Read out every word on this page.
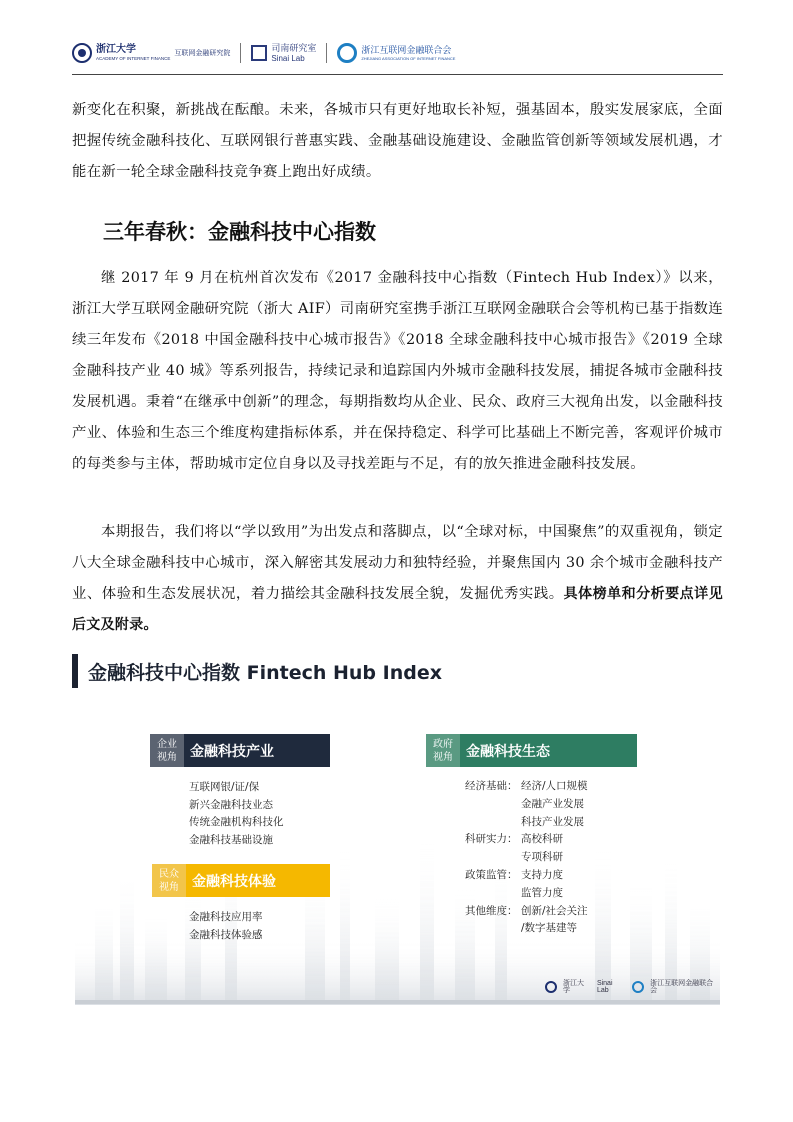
浙江大学
ACADEMY OF INTERNET FINANCE
互联网金融研究院
司南研究室
Sinai Lab
浙江互联网金融联合会
ZHEJIANG ASSOCIATION OF INTERNET FINANCE
新变化在积聚，新挑战在酝酿。未来，各城市只有更好地取长补短，强基固本，殷实发展家底，全面把握传统金融科技化、互联网银行普惠实践、金融基础设施建设、金融监管创新等领域发展机遇，才能在新一轮全球金融科技竞争赛上跑出好成绩。
三年春秋：金融科技中心指数
继 2017 年 9 月在杭州首次发布《2017 金融科技中心指数（Fintech Hub Index）》以来，浙江大学互联网金融研究院（浙大 AIF）司南研究室携手浙江互联网金融联合会等机构已基于指数连续三年发布《2018 中国金融科技中心城市报告》《2018 全球金融科技中心城市报告》《2019 全球金融科技产业 40 城》等系列报告，持续记录和追踪国内外城市金融科技发展，捕捉各城市金融科技发展机遇。秉着“在继承中创新”的理念，每期指数均从企业、民众、政府三大视角出发，以金融科技产业、体验和生态三个维度构建指标体系，并在保持稳定、科学可比基础上不断完善，客观评价城市的每类参与主体，帮助城市定位自身以及寻找差距与不足，有的放矢推进金融科技发展。
本期报告，我们将以“学以致用”为出发点和落脚点，以“全球对标，中国聚焦”的双重视角，锁定八大全球金融科技中心城市，深入解密其发展动力和独特经验，并聚焦国内 30 余个城市金融科技产业、体验和生态发展状况，着力描绘其金融科技发展全貌，发掘优秀实践。具体榜单和分析要点详见后文及附录。
金融科技中心指数 Fintech Hub Index
企业
视角 金融科技产业
互联网银/证/保
新兴金融科技业态
传统金融机构科技化
金融科技基础设施
民众
视角 金融科技体验
金融科技应用率
金融科技体验感
政府
视角 金融科技生态
经济基础： 经济/人口规模
金融产业发展
科技产业发展
科研实力： 高校科研
专项科研
政策监管： 支持力度
监管力度
其他维度： 创新/社会关注
/数字基建等
浙江大学
Sinai Lab
浙江互联网金融联合会
